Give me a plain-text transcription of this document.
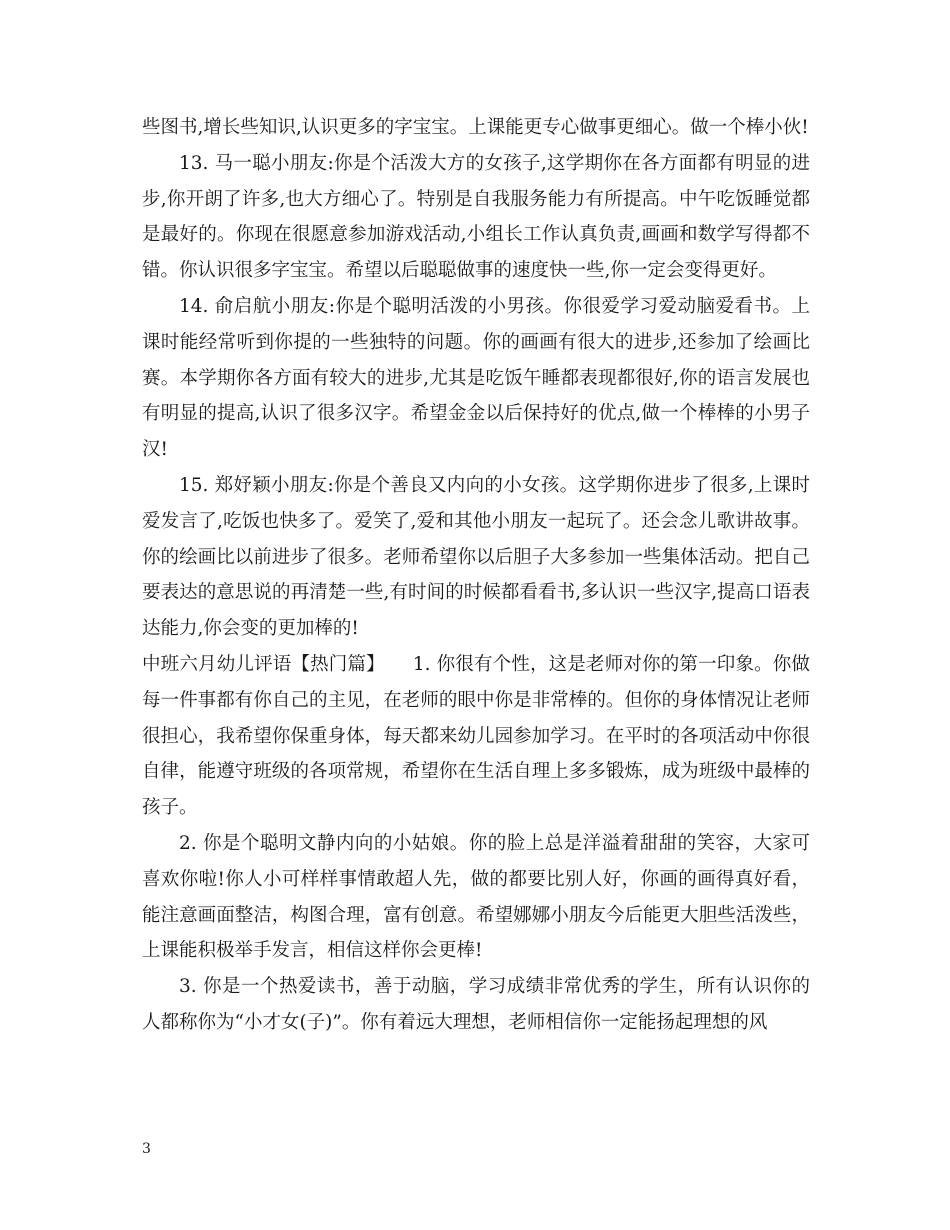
些图书,增长些知识,认识更多的字宝宝。上课能更专心做事更细心。做一个棒小伙!

13. 马一聪小朋友:你是个活泼大方的女孩子,这学期你在各方面都有明显的进步,你开朗了许多,也大方细心了。特别是自我服务能力有所提高。中午吃饭睡觉都是最好的。你现在很愿意参加游戏活动,小组长工作认真负责,画画和数学写得都不错。你认识很多字宝宝。希望以后聪聪做事的速度快一些,你一定会变得更好。

14. 俞启航小朋友:你是个聪明活泼的小男孩。你很爱学习爱动脑爱看书。上课时能经常听到你提的一些独特的问题。你的画画有很大的进步,还参加了绘画比赛。本学期你各方面有较大的进步,尤其是吃饭午睡都表现都很好,你的语言发展也有明显的提高,认识了很多汉字。希望金金以后保持好的优点,做一个棒棒的小男子汉!

15. 郑妤颖小朋友:你是个善良又内向的小女孩。这学期你进步了很多,上课时爱发言了,吃饭也快多了。爱笑了,爱和其他小朋友一起玩了。还会念儿歌讲故事。你的绘画比以前进步了很多。老师希望你以后胆子大多参加一些集体活动。把自己要表达的意思说的再清楚一些,有时间的时候都看看书,多认识一些汉字,提高口语表达能力,你会变的更加棒的!

中班六月幼儿评语【热门篇】　　1. 你很有个性，这是老师对你的第一印象。你做每一件事都有你自己的主见，在老师的眼中你是非常棒的。但你的身体情况让老师很担心，我希望你保重身体，每天都来幼儿园参加学习。在平时的各项活动中你很自律，能遵守班级的各项常规，希望你在生活自理上多多锻炼，成为班级中最棒的孩子。

2. 你是个聪明文静内向的小姑娘。你的脸上总是洋溢着甜甜的笑容，大家可喜欢你啦!你人小可样样事情敢超人先，做的都要比别人好，你画的画得真好看，能注意画面整洁，构图合理，富有创意。希望娜娜小朋友今后能更大胆些活泼些，上课能积极举手发言，相信这样你会更棒!

3. 你是一个热爱读书，善于动脑，学习成绩非常优秀的学生，所有认识你的人都称你为“小才女(子)”。你有着远大理想，老师相信你一定能扬起理想的风

3
